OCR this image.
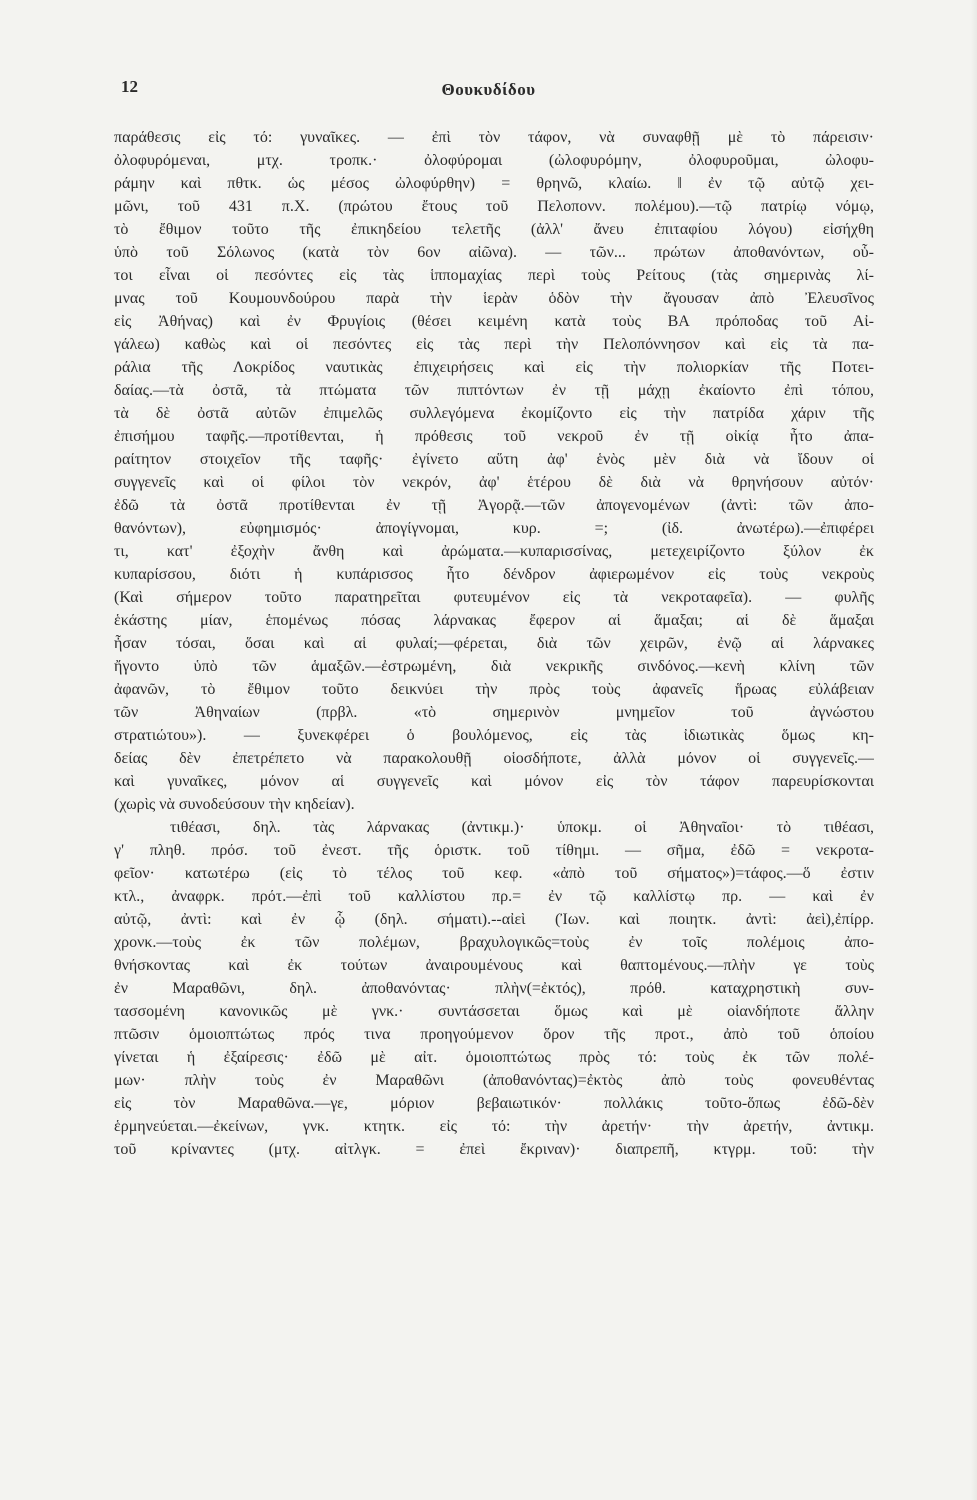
12	Θουκυδίδου
παράθεσις εἰς τό: γυναῖκες. — ἐπὶ τὸν τάφον, νὰ συναφθῇ μὲ τὸ πάρεισιν·
ὀλοφυρόμεναι, μτχ. τροπκ.· ὀλοφύρομαι (ὠλοφυρόμην, ὀλοφυροῦμαι, ὠλοφυ-
ράμην καὶ πθτκ. ὡς μέσος ὠλοφύρθην) = θρηνῶ, κλαίω. ‖ ἐν τῷ αὐτῷ χει-
μῶνι, τοῦ 431 π.Χ. (πρώτου ἔτους τοῦ Πελοπονν. πολέμου).—τῷ πατρίῳ νόμῳ,
τὸ ἔθιμον τοῦτο τῆς ἐπικηδείου τελετῆς (ἀλλ' ἄνευ ἐπιταφίου λόγου) εἰσήχθη
ὑπὸ τοῦ Σόλωνος (κατὰ τὸν 6ον αἰῶνα). — τῶν... πρώτων ἀποθανόντων, οὗ-
τοι εἶναι οἱ πεσόντες εἰς τὰς ἱππομαχίας περὶ τοὺς Ρείτους (τὰς σημερινὰς λί-
μνας τοῦ Κουμουνδούρου παρὰ τὴν ἱερὰν ὁδὸν τὴν ἄγουσαν ἀπὸ Ἐλευσῖνος
εἰς Ἀθήνας) καὶ ἐν Φρυγίοις (θέσει κειμένη κατὰ τοὺς ΒΑ πρόποδας τοῦ Αἰ-
γάλεω) καθὼς καὶ οἱ πεσόντες εἰς τὰς περὶ τὴν Πελοπόννησον καὶ εἰς τὰ πα-
ράλια τῆς Λοκρίδος ναυτικὰς ἐπιχειρήσεις καὶ εἰς τὴν πολιορκίαν τῆς Ποτει-
δαίας.—τὰ ὀστᾶ, τὰ πτώματα τῶν πιπτόντων ἐν τῇ μάχῃ ἐκαίοντο ἐπὶ τόπου,
τὰ δὲ ὀστᾶ αὐτῶν ἐπιμελῶς συλλεγόμενα ἐκομίζοντο εἰς τὴν πατρίδα χάριν τῆς
ἐπισήμου ταφῆς.—προτίθενται, ἡ πρόθεσις τοῦ νεκροῦ ἐν τῇ οἰκίᾳ ἦτο ἀπα-
ραίτητον στοιχεῖον τῆς ταφῆς· ἐγίνετο αὕτη ἀφ' ἑνὸς μὲν διὰ νὰ ἴδουν οἱ
συγγενεῖς καὶ οἱ φίλοι τὸν νεκρόν, ἀφ' ἑτέρου δὲ διὰ νὰ θρηνήσουν αὐτόν·
ἐδῶ τὰ ὀστᾶ προτίθενται ἐν τῇ Ἀγορᾷ.—τῶν ἀπογενομένων (ἀντὶ: τῶν ἀπο-
θανόντων), εὐφημισμός· ἀπογίγνομαι, κυρ. =; (ἰδ. ἀνωτέρω).—ἐπιφέρει
τι, κατ' ἐξοχὴν ἄνθη καὶ ἀρώματα.—κυπαρισσίνας, μετεχειρίζοντο ξύλον ἐκ
κυπαρίσσου, διότι ἡ κυπάρισσος ἦτο δένδρον ἀφιερωμένον εἰς τοὺς νεκροὺς
(Καὶ σήμερον τοῦτο παρατηρεῖται φυτευμένον εἰς τὰ νεκροταφεῖα). — φυλῆς
ἑκάστης μίαν, ἑπομένως πόσας λάρνακας ἔφερον αἱ ἅμαξαι; αἱ δὲ ἅμαξαι
ἦσαν τόσαι, ὅσαι καὶ αἱ φυλαί;—φέρεται, διὰ τῶν χειρῶν, ἐνῷ αἱ λάρνακες
ἤγοντο ὑπὸ τῶν ἁμαξῶν.—ἐστρωμένη, διὰ νεκρικῆς σινδόνος.—κενὴ κλίνη τῶν
ἀφανῶν, τὸ ἔθιμον τοῦτο δεικνύει τὴν πρὸς τοὺς ἀφανεῖς ἥρωας εὐλάβειαν
τῶν Ἀθηναίων (πρβλ. «τὸ σημερινὸν μνημεῖον τοῦ ἀγνώστου
στρατιώτου»). — ξυνεκφέρει ὁ βουλόμενος, εἰς τὰς ἰδιωτικὰς ὅμως κη-
δείας δὲν ἐπετρέπετο νὰ παρακολουθῇ οἱοσδήποτε, ἀλλὰ μόνον οἱ συγγενεῖς.—
καὶ γυναῖκες, μόνον αἱ συγγενεῖς καὶ μόνον εἰς τὸν τάφον παρευρίσκονται
(χωρὶς νὰ συνοδεύσουν τὴν κηδείαν).
τιθέασι, δηλ. τὰς λάρνακας (ἀντικμ.)· ὑποκμ. οἱ Ἀθηναῖοι· τὸ τιθέασι,
γ' πληθ. πρόσ. τοῦ ἐνεστ. τῆς ὁριστκ. τοῦ τίθημι. — σῆμα, ἐδῶ = νεκροτα-
φεῖον· κατωτέρω (εἰς τὸ τέλος τοῦ κεφ. «ἀπὸ τοῦ σήματος»)=τάφος.—ὅ ἐστιν
κτλ., ἀναφρκ. πρότ.—ἐπὶ τοῦ καλλίστου πρ.= ἐν τῷ καλλίστῳ πρ. — καὶ ἐν
αὐτῷ, ἀντὶ: καὶ ἐν ᾧ (δηλ. σήματι).--αἰεὶ (Ἰων. καὶ ποιητκ. ἀντὶ: ἀεὶ),ἐπίρρ.
χρονκ.—τοὺς ἐκ τῶν πολέμων, βραχυλογικῶς=τοὺς ἐν τοῖς πολέμοις ἀπο-
θνήσκοντας καὶ ἐκ τούτων ἀναιρουμένους καὶ θαπτομένους.—πλὴν γε τοὺς
ἐν Μαραθῶνι, δηλ. ἀποθανόντας· πλὴν(=ἐκτός), πρόθ. καταχρηστικὴ συν-
τασσομένη κανονικῶς μὲ γνκ.· συντάσσεται ὅμως καὶ μὲ οἱανδήποτε ἄλλην
πτῶσιν ὁμοιοπτώτως πρός τινα προηγούμενον ὅρον τῆς προτ., ἀπὸ τοῦ ὁποίου
γίνεται ἡ ἐξαίρεσις· ἐδῶ μὲ αἰτ. ὁμοιοπτώτως πρὸς τό: τοὺς ἐκ τῶν πολέ-
μων· πλὴν τοὺς ἐν Μαραθῶνι (ἀποθανόντας)=ἐκτὸς ἀπὸ τοὺς φονευθέντας
εἰς τὸν Μαραθῶνα.—γε, μόριον βεβαιωτικόν· πολλάκις τοῦτο-ὅπως ἐδῶ-δὲν
ἑρμηνεύεται.—ἐκείνων, γνκ. κτητκ. εἰς τό: τὴν ἀρετήν· τὴν ἀρετήν, ἀντικμ.
τοῦ κρίναντες (μτχ. αἰτλγκ. = ἐπεὶ ἔκριναν)· διαπρεπῆ, κτγρμ. τοῦ: τὴν
